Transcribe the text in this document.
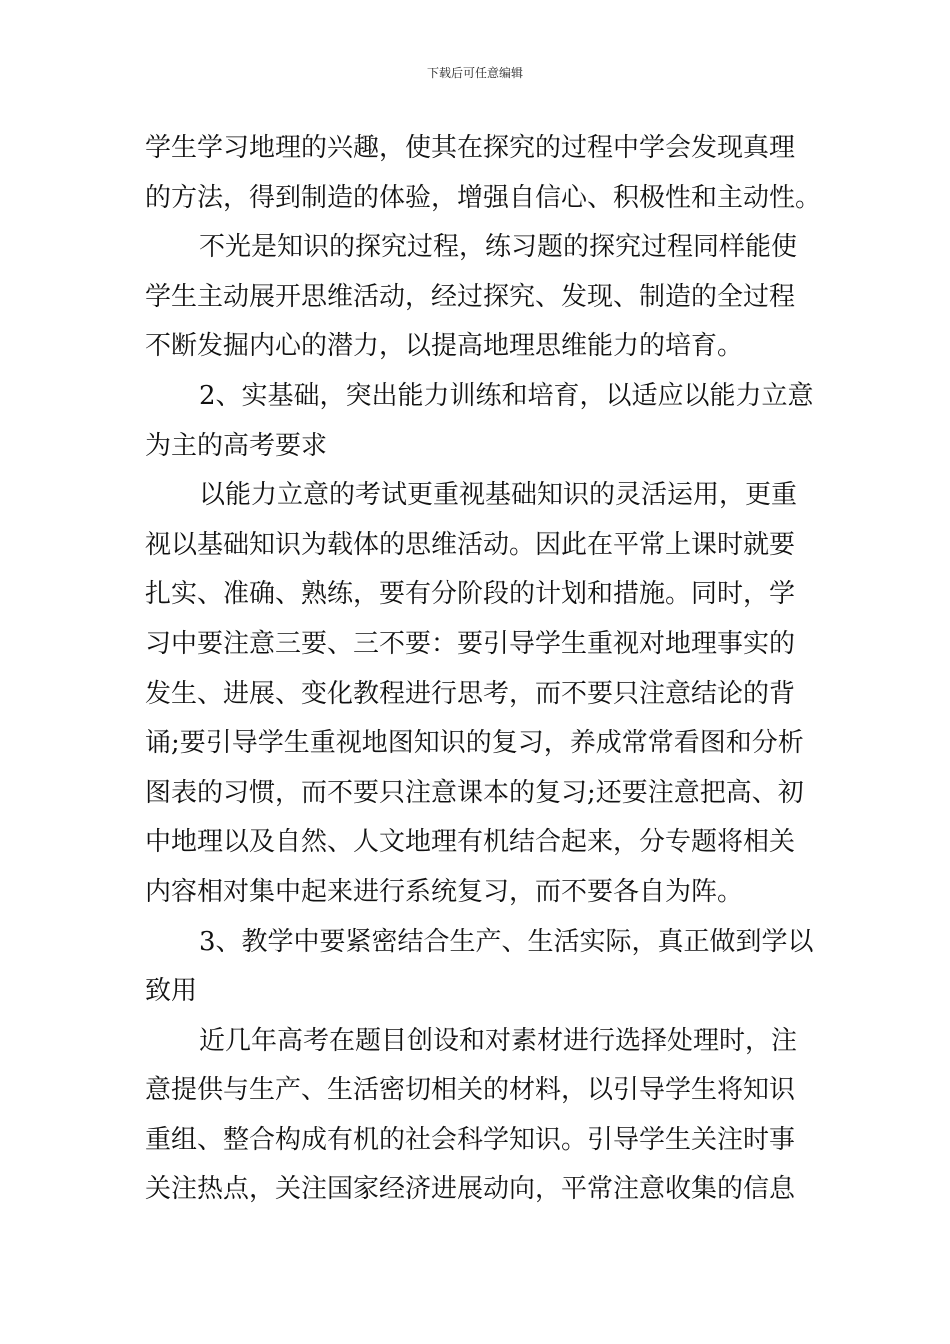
下载后可任意编辑
学生学习地理的兴趣，使其在探究的过程中学会发现真理
的方法，得到制造的体验，增强自信心、积极性和主动性。
不光是知识的探究过程，练习题的探究过程同样能使
学生主动展开思维活动，经过探究、发现、制造的全过程
不断发掘内心的潜力，以提高地理思维能力的培育。
2、实基础，突出能力训练和培育，以适应以能力立意
为主的高考要求
以能力立意的考试更重视基础知识的灵活运用，更重
视以基础知识为载体的思维活动。因此在平常上课时就要
扎实、准确、熟练，要有分阶段的计划和措施。同时，学
习中要注意三要、三不要：要引导学生重视对地理事实的
发生、进展、变化教程进行思考，而不要只注意结论的背
诵;要引导学生重视地图知识的复习，养成常常看图和分析
图表的习惯，而不要只注意课本的复习;还要注意把高、初
中地理以及自然、人文地理有机结合起来，分专题将相关
内容相对集中起来进行系统复习，而不要各自为阵。
3、教学中要紧密结合生产、生活实际，真正做到学以
致用
近几年高考在题目创设和对素材进行选择处理时，注
意提供与生产、生活密切相关的材料，以引导学生将知识
重组、整合构成有机的社会科学知识。引导学生关注时事
关注热点，关注国家经济进展动向，平常注意收集的信息
